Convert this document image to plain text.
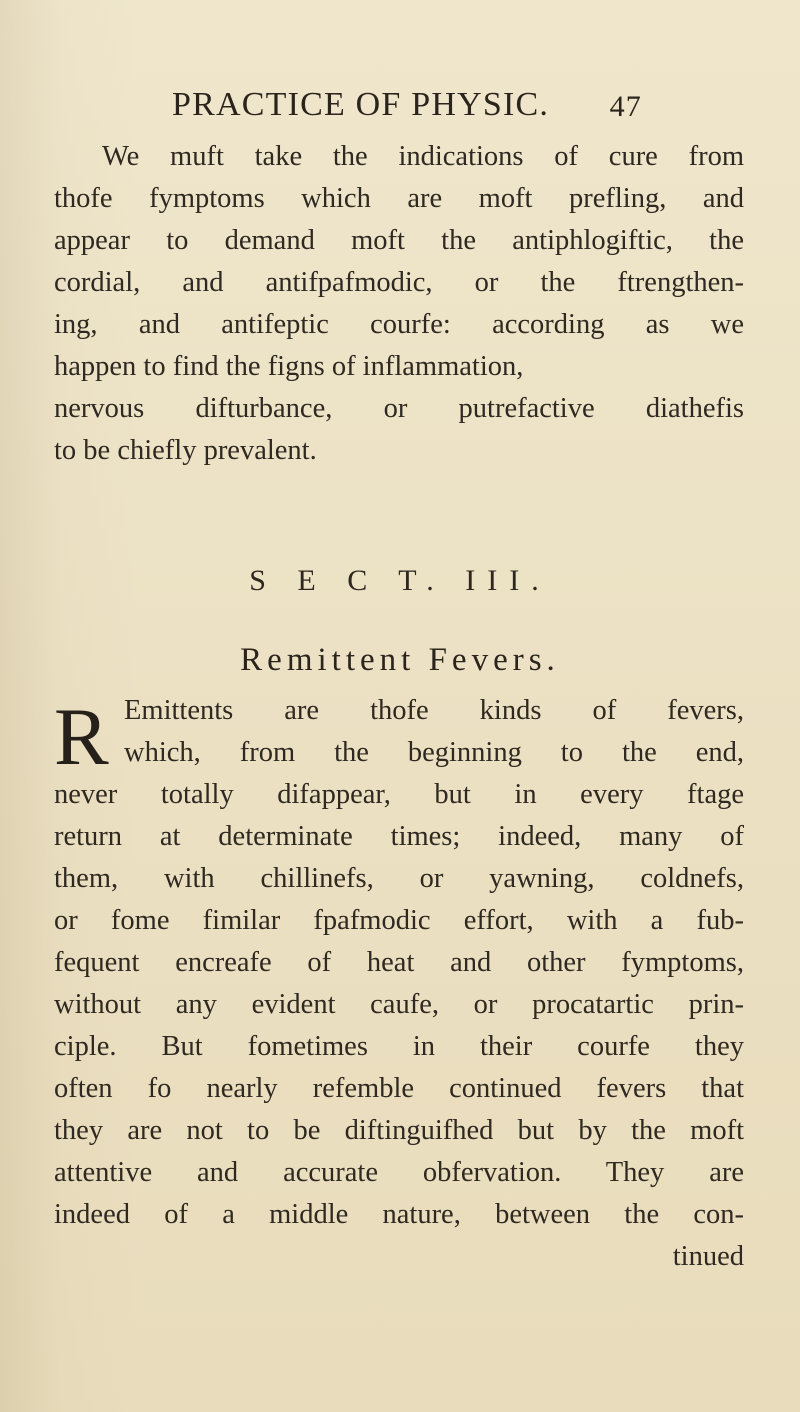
PRACTICE OF PHYSIC. 47
We muft take the indications of cure from
thofe fymptoms which are moft prefling, and
appear to demand moft the antiphlogiftic, the
cordial, and antifpafmodic, or the ftrengthen-
ing, and antifeptic courfe: according as we
happen to find the figns of inflammation,
nervous difturbance, or putrefactive diathefis
to be chiefly prevalent.
S E C T. III.
Remittent Fevers.
R Emittents are thofe kinds of fevers,
which, from the beginning to the end,
never totally difappear, but in every ftage
return at determinate times; indeed, many of
them, with chillinefs, or yawning, coldnefs,
or fome fimilar fpafmodic effort, with a fub-
fequent encreafe of heat and other fymptoms,
without any evident caufe, or procatartic prin-
ciple. But fometimes in their courfe they
often fo nearly refemble continued fevers that
they are not to be diftinguifhed but by the moft
attentive and accurate obfervation. They are
indeed of a middle nature, between the con-
tinued
